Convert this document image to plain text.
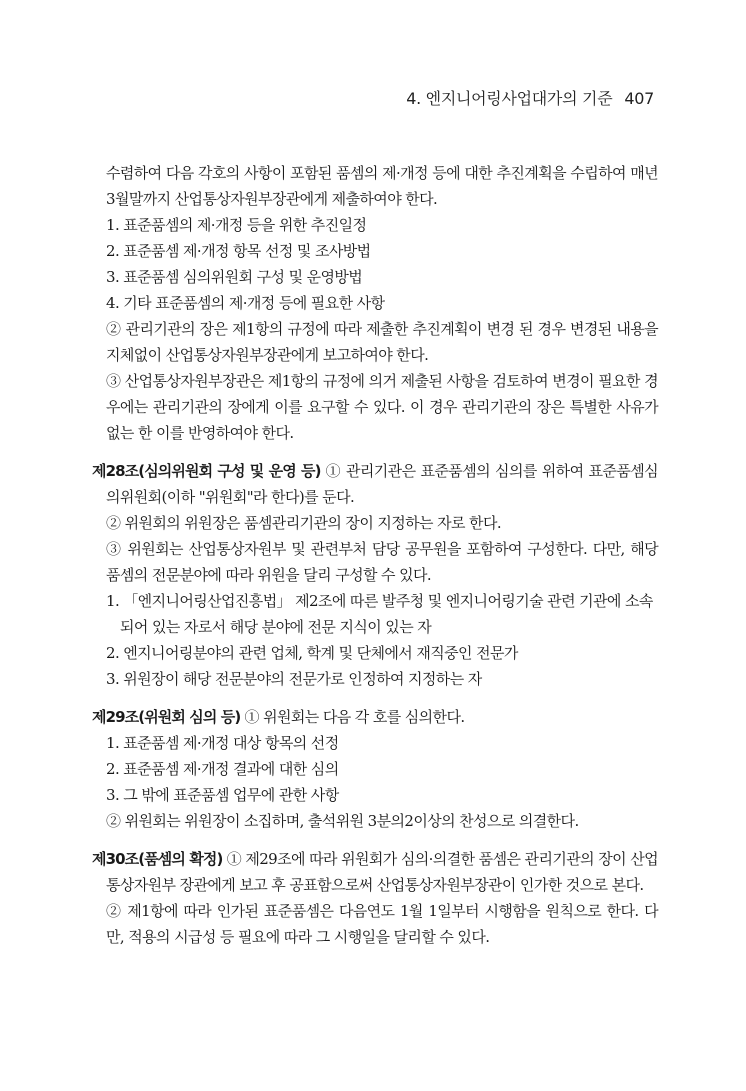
4. 엔지니어링사업대가의 기준 407

수렴하여 다음 각호의 사항이 포함된 품셈의 제·개정 등에 대한 추진계획을 수립하여 매년 3월말까지 산업통상자원부장관에게 제출하여야 한다.

1. 표준품셈의 제·개정 등을 위한 추진일정

2. 표준품셈 제·개정 항목 선정 및 조사방법

3. 표준품셈 심의위원회 구성 및 운영방법

4. 기타 표준품셈의 제·개정 등에 필요한 사항

② 관리기관의 장은 제1항의 규정에 따라 제출한 추진계획이 변경 된 경우 변경된 내용을 지체없이 산업통상자원부장관에게 보고하여야 한다.

③ 산업통상자원부장관은 제1항의 규정에 의거 제출된 사항을 검토하여 변경이 필요한 경우에는 관리기관의 장에게 이를 요구할 수 있다. 이 경우 관리기관의 장은 특별한 사유가 없는 한 이를 반영하여야 한다.

제28조(심의위원회 구성 및 운영 등) ① 관리기관은 표준품셈의 심의를 위하여 표준품셈심의위원회(이하 "위원회"라 한다)를 둔다.

② 위원회의 위원장은 품셈관리기관의 장이 지정하는 자로 한다.

③ 위원회는 산업통상자원부 및 관련부처 담당 공무원을 포함하여 구성한다. 다만, 해당 품셈의 전문분야에 따라 위원을 달리 구성할 수 있다.

1. 「엔지니어링산업진흥법」 제2조에 따른 발주청 및 엔지니어링기술 관련 기관에 소속되어 있는 자로서 해당 분야에 전문 지식이 있는 자

2. 엔지니어링분야의 관련 업체, 학계 및 단체에서 재직중인 전문가

3. 위원장이 해당 전문분야의 전문가로 인정하여 지정하는 자

제29조(위원회 심의 등) ① 위원회는 다음 각 호를 심의한다.

1. 표준품셈 제·개정 대상 항목의 선정

2. 표준품셈 제·개정 결과에 대한 심의

3. 그 밖에 표준품셈 업무에 관한 사항

② 위원회는 위원장이 소집하며, 출석위원 3분의2이상의 찬성으로 의결한다.

제30조(품셈의 확정) ① 제29조에 따라 위원회가 심의·의결한 품셈은 관리기관의 장이 산업통상자원부 장관에게 보고 후 공표함으로써 산업통상자원부장관이 인가한 것으로 본다.

② 제1항에 따라 인가된 표준품셈은 다음연도 1월 1일부터 시행함을 원칙으로 한다. 다만, 적용의 시급성 등 필요에 따라 그 시행일을 달리할 수 있다.
